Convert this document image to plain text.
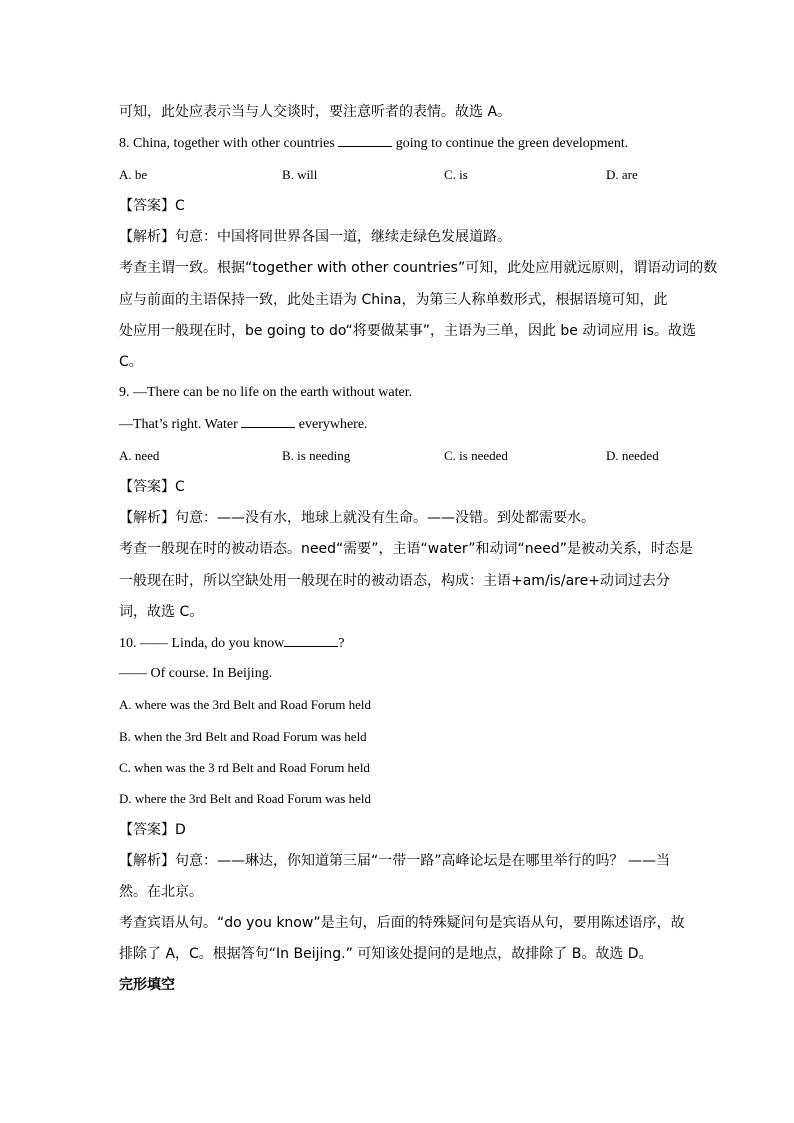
可知，此处应表示当与人交谈时，要注意听者的表情。故选 A。
8. China, together with other countries	going to continue the green development.
A. be	B. will	C. is	D. are
【答案】C
【解析】句意：中国将同世界各国一道，继续走绿色发展道路。
考查主谓一致。根据“together with other countries”可知，此处应用就远原则，谓语动词的数
应与前面的主语保持一致，此处主语为 China，为第三人称单数形式，根据语境可知，此
处应用一般现在时，be going to do“将要做某事”，主语为三单，因此 be 动词应用 is。故选
C。
9. —There can be no life on the earth without water.
—That’s right. Water	everywhere.
A. need	B. is needing	C. is needed	D. needed
【答案】C
【解析】句意：——没有水，地球上就没有生命。——没错。到处都需要水。
考查一般现在时的被动语态。need“需要”，主语“water”和动词“need”是被动关系，时态是
一般现在时，所以空缺处用一般现在时的被动语态，构成：主语+am/is/are+动词过去分
词，故选 C。
10. —— Linda, do you know	?
—— Of course. In Beijing.
A. where was the 3rd Belt and Road Forum held
B. when the 3rd Belt and Road Forum was held
C. when was the 3 rd Belt and Road Forum held
D. where the 3rd Belt and Road Forum was held
【答案】D
【解析】句意：——琳达，你知道第三届“一带一路”高峰论坛是在哪里举行的吗？ ——当
然。在北京。
考查宾语从句。“do you know”是主句，后面的特殊疑问句是宾语从句，要用陈述语序，故
排除了 A，C。根据答句“In Beijing.” 可知该处提问的是地点，故排除了 B。故选 D。
完形填空
